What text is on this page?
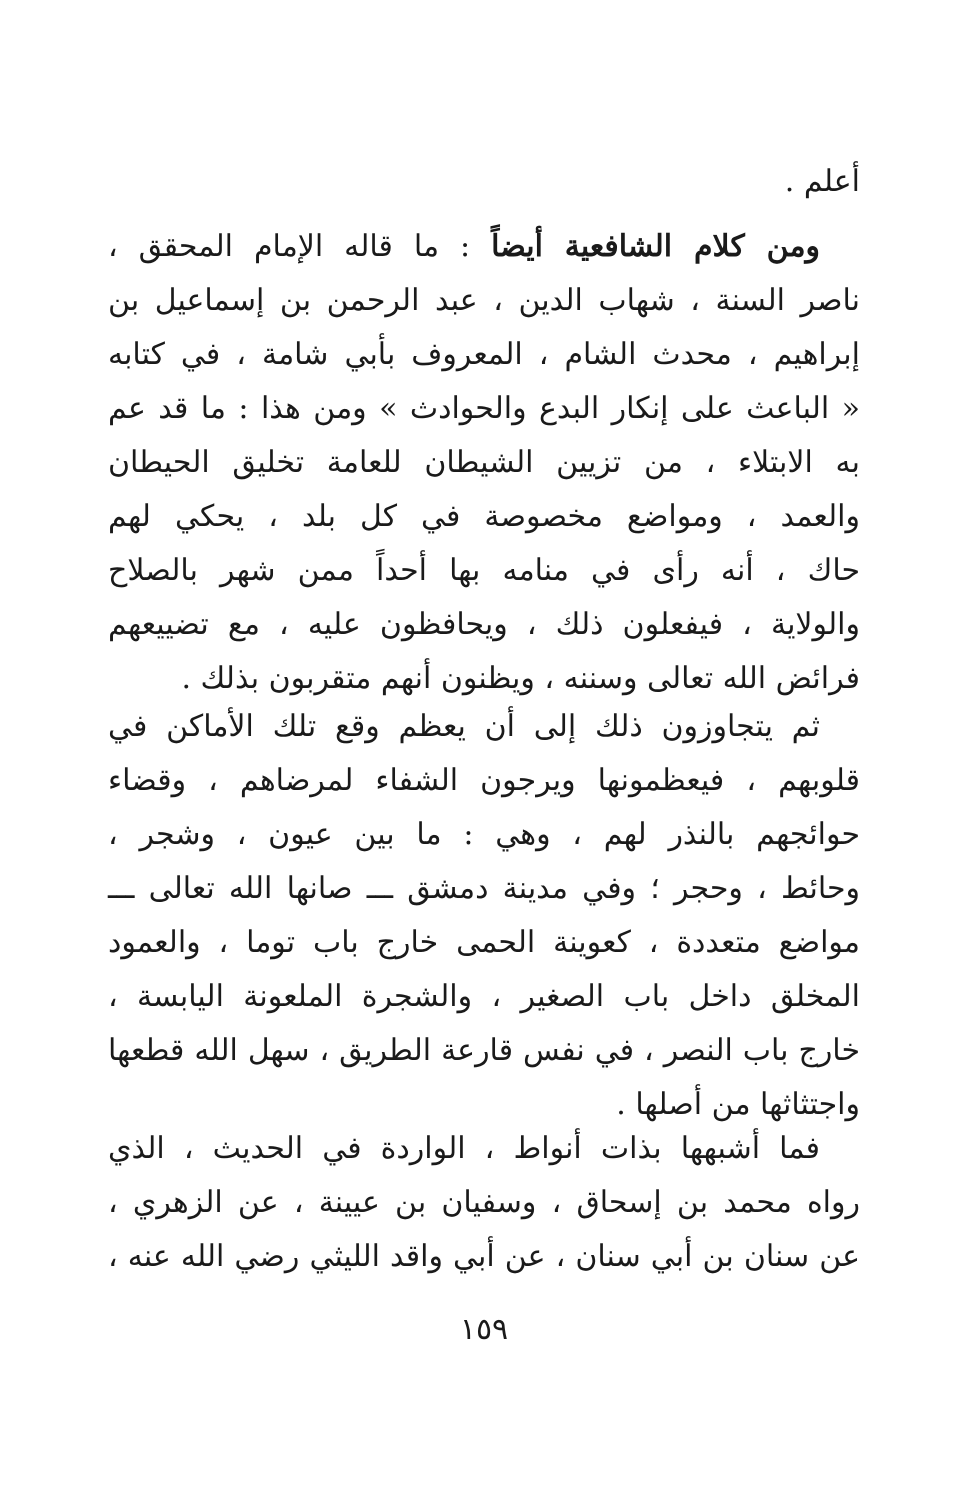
أعلم .
ومن كلام الشافعية أيضاً : ما قاله الإمام المحقق ،
ناصر السنة ، شهاب الدين ، عبد الرحمن بن إسماعيل بن
إبراهيم ، محدث الشام ، المعروف بأبي شامة ، في كتابه
« الباعث على إنكار البدع والحوادث » ومن هذا : ما قد عم
به الابتلاء ، من تزيين الشيطان للعامة تخليق الحيطان
والعمد ، ومواضع مخصوصة في كل بلد ، يحكي لهم
حاك ، أنه رأى في منامه بها أحداً ممن شهر بالصلاح
والولاية ، فيفعلون ذلك ، ويحافظون عليه ، مع تضييعهم
فرائض الله تعالى وسننه ، ويظنون أنهم متقربون بذلك .
ثم يتجاوزون ذلك إلى أن يعظم وقع تلك الأماكن في
قلوبهم ، فيعظمونها ويرجون الشفاء لمرضاهم ، وقضاء
حوائجهم بالنذر لهم ، وهي : ما بين عيون ، وشجر ،
وحائط ، وحجر ؛ وفي مدينة دمشق ـــ صانها الله تعالى ـــ
مواضع متعددة ، كعوينة الحمى خارج باب توما ، والعمود
المخلق داخل باب الصغير ، والشجرة الملعونة اليابسة ،
خارج باب النصر ، في نفس قارعة الطريق ، سهل الله قطعها
واجتثاثها من أصلها .
فما أشبهها بذات أنواط ، الواردة في الحديث ، الذي
رواه محمد بن إسحاق ، وسفيان بن عيينة ، عن الزهري ،
عن سنان بن أبي سنان ، عن أبي واقد الليثي رضي الله عنه ،
١٥٩
